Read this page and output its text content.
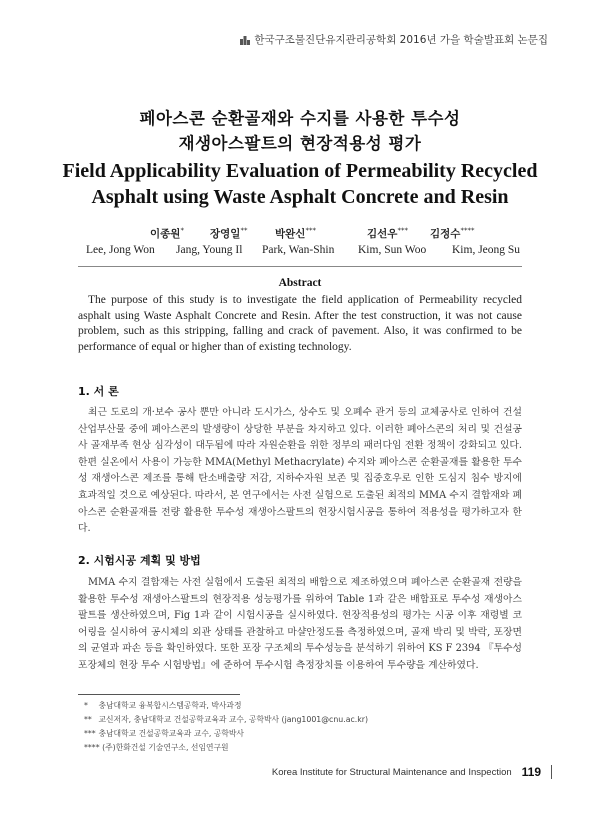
한국구조물진단유지관리공학회 2016년 가을 학술발표회 논문집
페아스콘 순환골재와 수지를 사용한 투수성
재생아스팔트의 현장적용성 평가
Field Applicability Evaluation of Permeability Recycled
Asphalt using Waste Asphalt Concrete and Resin
이종원* 장영일**	박완신***	김선우*** 김정수****
Lee, Jong Won Jang, Young Il Park, Wan-Shin Kim, Sun Woo Kim, Jeong Su
Abstract
The purpose of this study is to investigate the field application of Permeability recycled asphalt using Waste Asphalt Concrete and Resin. After the test construction, it was not cause problem, such as this stripping, falling and crack of pavement. Also, it was confirmed to be performance of equal or higher than of existing technology.
1. 서 론
최근 도로의 개·보수 공사 뿐만 아니라 도시가스, 상수도 및 오폐수 관거 등의 교체공사로 인하여 건설 산업부산물 중에 폐아스콘의 발생량이 상당한 부분을 차지하고 있다. 이러한 폐아스콘의 처리 및 건설공사 골재부족 현상 심각성이 대두됨에 따라 자원순환을 위한 정부의 패러다임 전환 정책이 강화되고 있다. 한편 실온에서 사용이 가능한 MMA(Methyl Methacrylate) 수지와 폐아스콘 순환골재를 활용한 투수성 재생아스콘 제조를 통해 탄소배출량 저감, 지하수자원 보존 및 집중호우로 인한 도심지 침수 방지에 효과적일 것으로 예상된다. 따라서, 본 연구에서는 사전 실험으로 도출된 최적의 MMA 수지 결합재와 폐아스콘 순환골재를 전량 활용한 투수성 재생아스팔트의 현장시험시공을 통하여 적용성을 평가하고자 한다.
2. 시험시공 계획 및 방법
MMA 수지 결합재는 사전 실험에서 도출된 최적의 배합으로 제조하였으며 폐아스콘 순환골재 전량을 활용한 투수성 재생아스팔트의 현장적용 성능평가를 위하여 Table 1과 같은 배합표로 투수성 재생아스팔트를 생산하였으며, Fig 1과 같이 시험시공을 실시하였다. 현장적용성의 평가는 시공 이후 재령별 코어링을 실시하여 공시체의 외관 상태를 관찰하고 마샬안정도를 측정하였으며, 골재 박리 및 박락, 포장면의 균열과 파손 등을 확인하였다. 또한 포장 구조체의 투수성능을 분석하기 위하여 KS F 2394 『투수성 포장체의 현장 투수 시험방법』에 준하여 투수시험 측정장치를 이용하여 투수량을 계산하였다.
* 충남대학교 융복합시스템공학과, 박사과정
** 교신저자, 충남대학교 건설공학교육과 교수, 공학박사 (jang1001@cnu.ac.kr)
*** 충남대학교 건설공학교육과 교수, 공학박사
**** (주)한화건설 기술연구소, 선임연구원
Korea Institute for Structural Maintenance and Inspection 119
